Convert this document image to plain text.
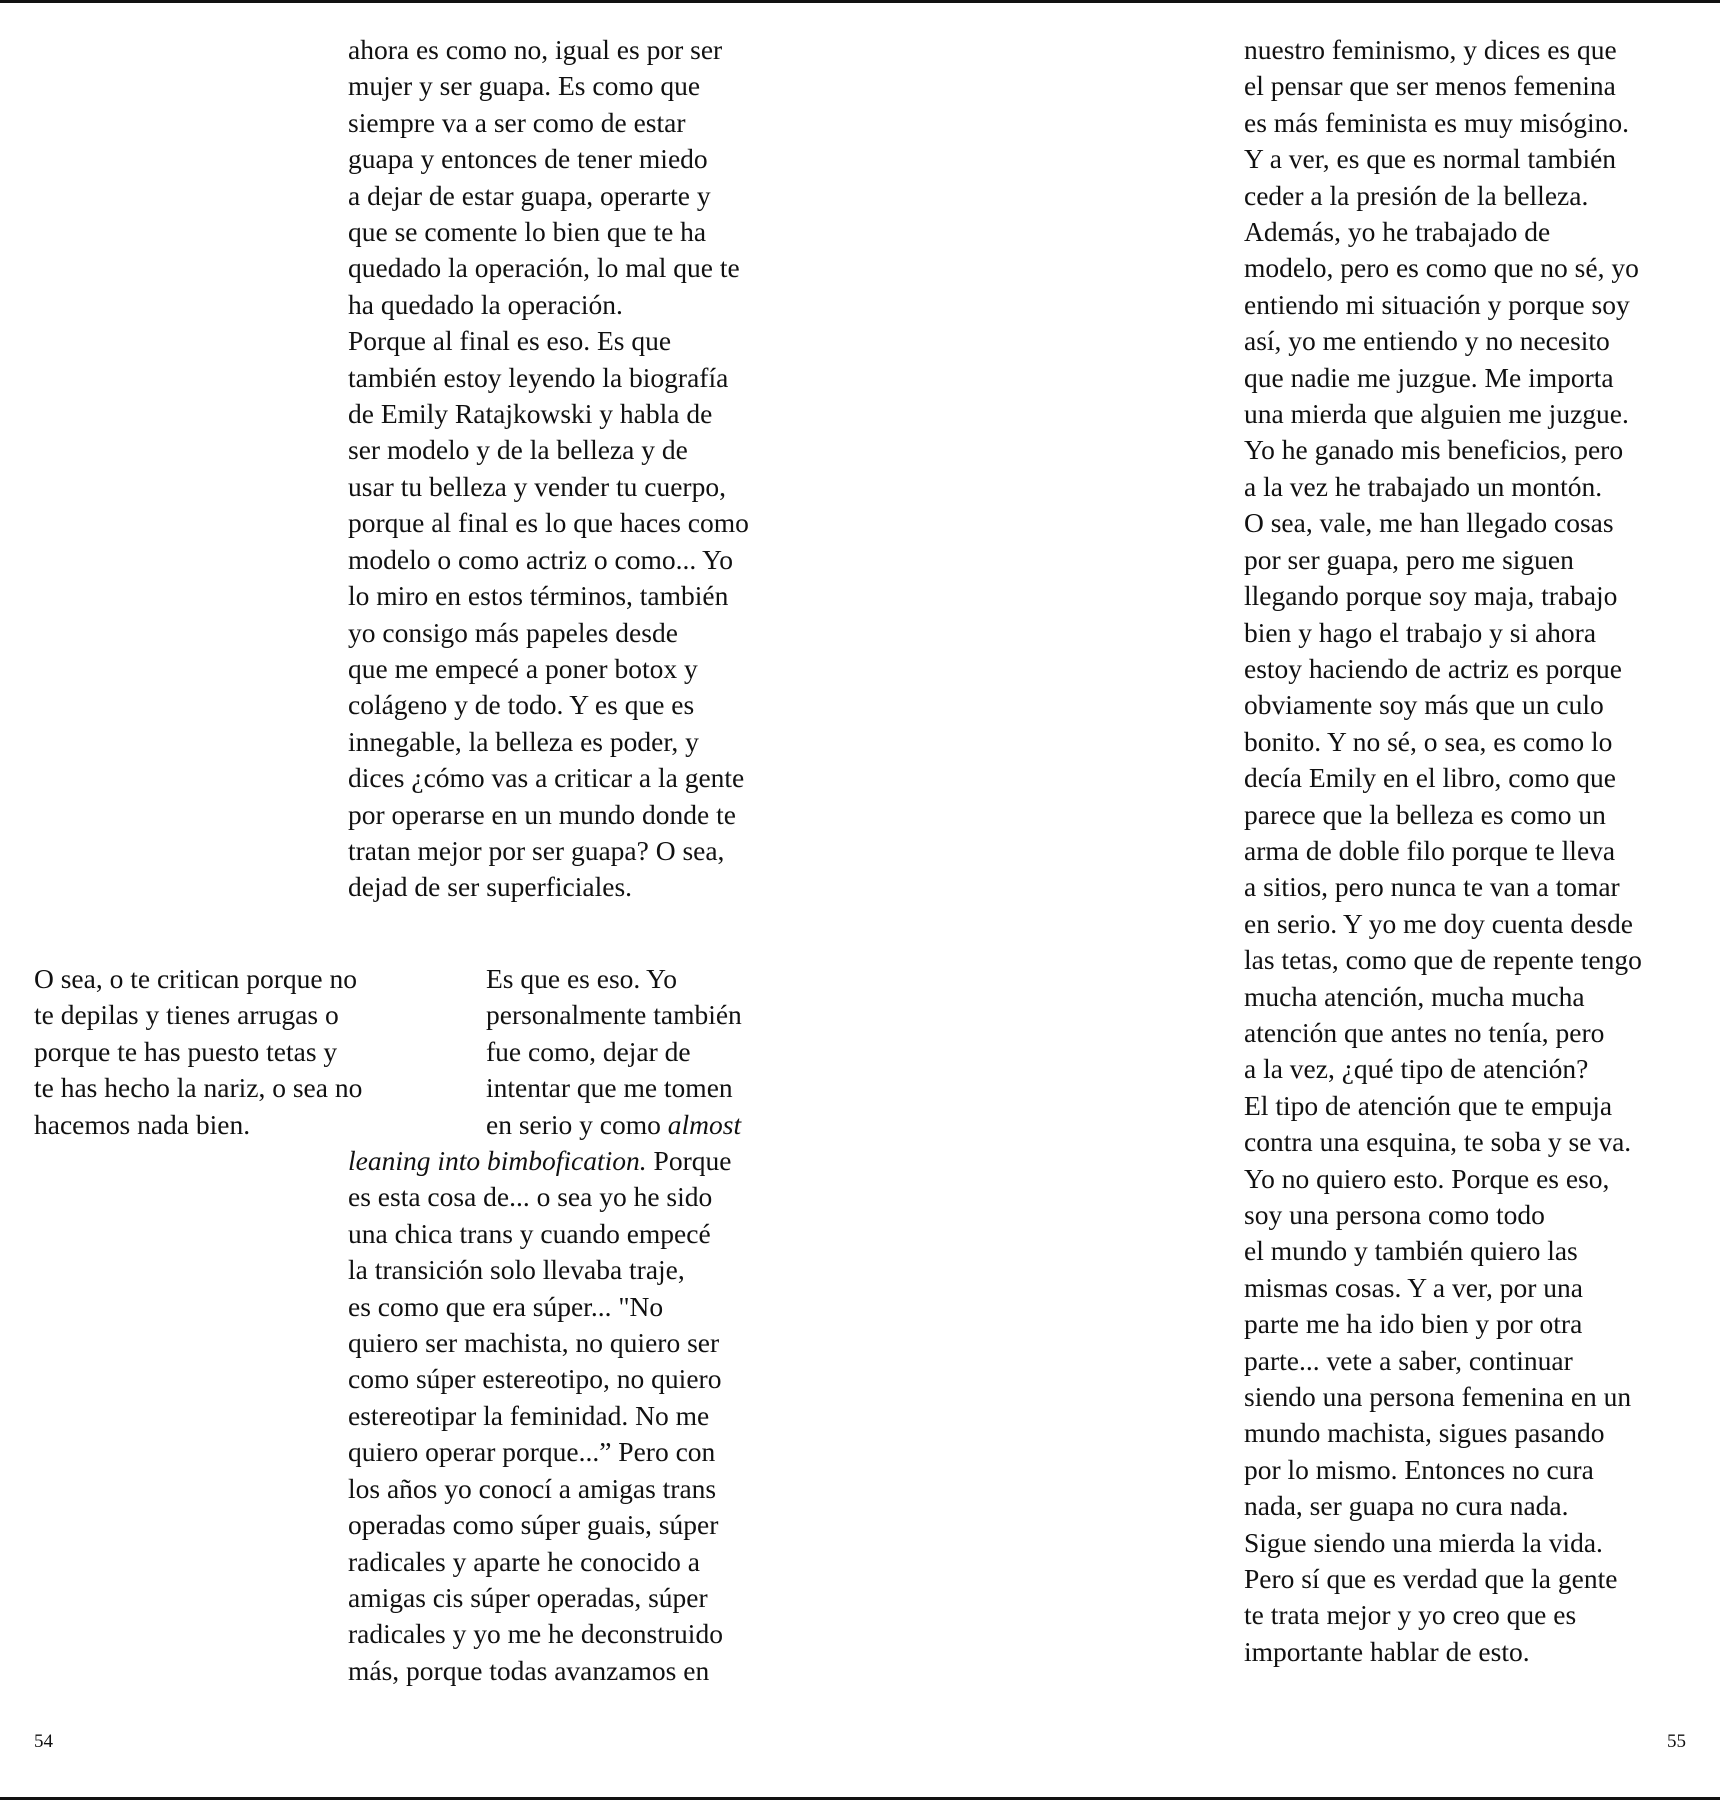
ahora es como no, igual es por ser
mujer y ser guapa. Es como que
siempre va a ser como de estar
guapa y entonces de tener miedo
a dejar de estar guapa, operarte y
que se comente lo bien que te ha
quedado la operación, lo mal que te
ha quedado la operación.
Porque al final es eso. Es que
también estoy leyendo la biografía
de Emily Ratajkowski y habla de
ser modelo y de la belleza y de
usar tu belleza y vender tu cuerpo,
porque al final es lo que haces como
modelo o como actriz o como... Yo
lo miro en estos términos, también
yo consigo más papeles desde
que me empecé a poner botox y
colágeno y de todo. Y es que es
innegable, la belleza es poder, y
dices ¿cómo vas a criticar a la gente
por operarse en un mundo donde te
tratan mejor por ser guapa? O sea,
dejad de ser superficiales.
O sea, o te critican porque no
te depilas y tienes arrugas o
porque te has puesto tetas y
te has hecho la nariz, o sea no
hacemos nada bien.
Es que es eso. Yo
personalmente también
fue como, dejar de
intentar que me tomen
en serio y como almost
leaning into bimbofication. Porque
es esta cosa de... o sea yo he sido
una chica trans y cuando empecé
la transición solo llevaba traje,
es como que era súper... "No
quiero ser machista, no quiero ser
como súper estereotipo, no quiero
estereotipar la feminidad. No me
quiero operar porque...” Pero con
los años yo conocí a amigas trans
operadas como súper guais, súper
radicales y aparte he conocido a
amigas cis súper operadas, súper
radicales y yo me he deconstruido
más, porque todas avanzamos en
nuestro feminismo, y dices es que
el pensar que ser menos femenina
es más feminista es muy misógino.
Y a ver, es que es normal también
ceder a la presión de la belleza.
Además, yo he trabajado de
modelo, pero es como que no sé, yo
entiendo mi situación y porque soy
así, yo me entiendo y no necesito
que nadie me juzgue. Me importa
una mierda que alguien me juzgue.
Yo he ganado mis beneficios, pero
a la vez he trabajado un montón.
O sea, vale, me han llegado cosas
por ser guapa, pero me siguen
llegando porque soy maja, trabajo
bien y hago el trabajo y si ahora
estoy haciendo de actriz es porque
obviamente soy más que un culo
bonito. Y no sé, o sea, es como lo
decía Emily en el libro, como que
parece que la belleza es como un
arma de doble filo porque te lleva
a sitios, pero nunca te van a tomar
en serio. Y yo me doy cuenta desde
las tetas, como que de repente tengo
mucha atención, mucha mucha
atención que antes no tenía, pero
a la vez, ¿qué tipo de atención?
El tipo de atención que te empuja
contra una esquina, te soba y se va.
Yo no quiero esto. Porque es eso,
soy una persona como todo
el mundo y también quiero las
mismas cosas. Y a ver, por una
parte me ha ido bien y por otra
parte... vete a saber, continuar
siendo una persona femenina en un
mundo machista, sigues pasando
por lo mismo. Entonces no cura
nada, ser guapa no cura nada.
Sigue siendo una mierda la vida.
Pero sí que es verdad que la gente
te trata mejor y yo creo que es
importante hablar de esto.
54	55
